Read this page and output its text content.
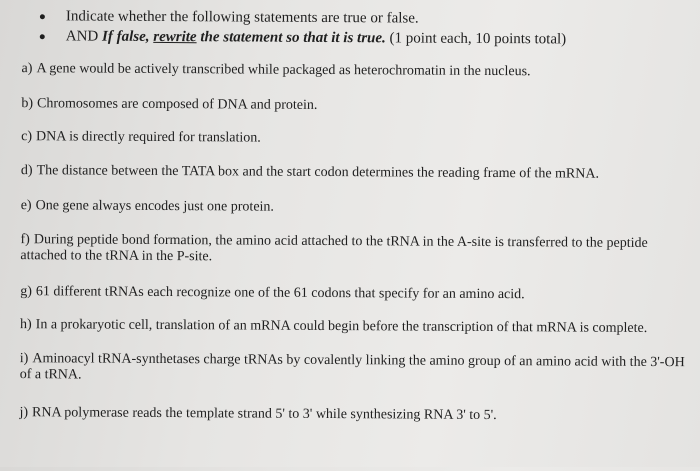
Indicate whether the following statements are true or false.
AND If false, rewrite the statement so that it is true. (1 point each, 10 points total)
a) A gene would be actively transcribed while packaged as heterochromatin in the nucleus.
b) Chromosomes are composed of DNA and protein.
c) DNA is directly required for translation.
d) The distance between the TATA box and the start codon determines the reading frame of the mRNA.
e) One gene always encodes just one protein.
f) During peptide bond formation, the amino acid attached to the tRNA in the A-site is transferred to the peptide attached to the tRNA in the P-site.
g) 61 different tRNAs each recognize one of the 61 codons that specify for an amino acid.
h) In a prokaryotic cell, translation of an mRNA could begin before the transcription of that mRNA is complete.
i) Aminoacyl tRNA-synthetases charge tRNAs by covalently linking the amino group of an amino acid with the 3'-OH of a tRNA.
j) RNA polymerase reads the template strand 5' to 3' while synthesizing RNA 3' to 5'.
